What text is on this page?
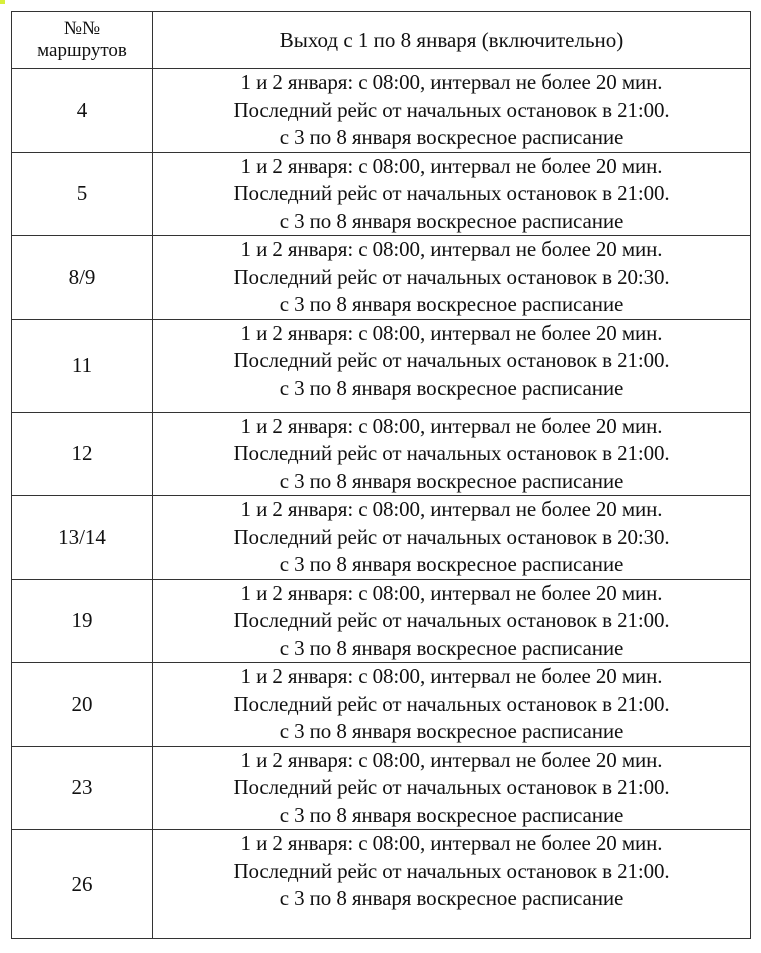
№№
маршрутов	Выход с 1 по 8 января (включительно)
4	1 и 2 января: с 08:00, интервал не более 20 мин.
Последний рейс от начальных остановок в 21:00.
с 3 по 8 января воскресное расписание

5	1 и 2 января: с 08:00, интервал не более 20 мин.
Последний рейс от начальных остановок в 21:00.
с 3 по 8 января воскресное расписание

8/9	1 и 2 января: с 08:00, интервал не более 20 мин.
Последний рейс от начальных остановок в 20:30.
с 3 по 8 января воскресное расписание

11	1 и 2 января: с 08:00, интервал не более 20 мин.
Последний рейс от начальных остановок в 21:00.
с 3 по 8 января воскресное расписание

12	1 и 2 января: с 08:00, интервал не более 20 мин.
Последний рейс от начальных остановок в 21:00.
с 3 по 8 января воскресное расписание

13/14	1 и 2 января: с 08:00, интервал не более 20 мин.
Последний рейс от начальных остановок в 20:30.
с 3 по 8 января воскресное расписание

19	1 и 2 января: с 08:00, интервал не более 20 мин.
Последний рейс от начальных остановок в 21:00.
с 3 по 8 января воскресное расписание

20	1 и 2 января: с 08:00, интервал не более 20 мин.
Последний рейс от начальных остановок в 21:00.
с 3 по 8 января воскресное расписание

23	1 и 2 января: с 08:00, интервал не более 20 мин.
Последний рейс от начальных остановок в 21:00.
с 3 по 8 января воскресное расписание

26	1 и 2 января: с 08:00, интервал не более 20 мин.
Последний рейс от начальных остановок в 21:00.
с 3 по 8 января воскресное расписание
